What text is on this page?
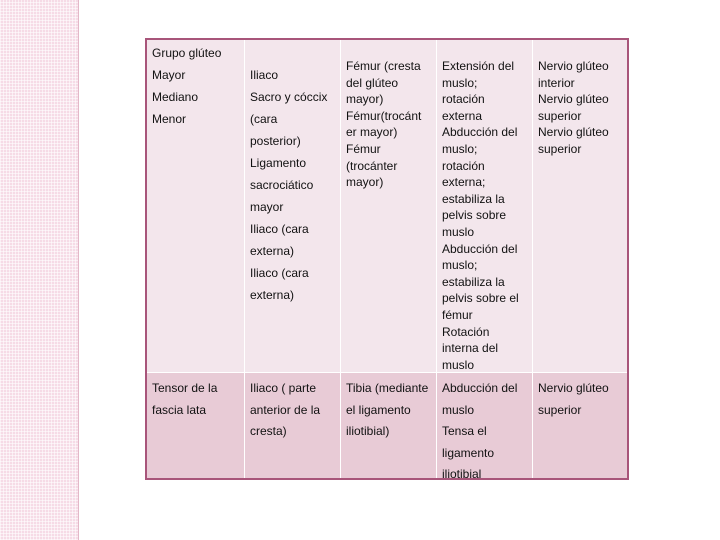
Grupo glúteo
Mayor
Mediano
Menor
Iliaco
Sacro y cóccix
(cara
posterior)
Ligamento
sacrociático
mayor
Iliaco (cara
externa)
Iliaco (cara
externa)
Fémur (cresta
del glúteo
mayor)
Fémur(trocánt
er mayor)
Fémur
(trocánter
mayor)
Extensión del
muslo;
rotación
externa
Abducción del
muslo;
rotación
externa;
estabiliza la
pelvis sobre
muslo
Abducción del
muslo;
estabiliza la
pelvis sobre el
fémur
Rotación
interna del
muslo
Nervio glúteo
interior
Nervio glúteo
superior
Nervio glúteo
superior
Tensor de la
fascia lata
Iliaco ( parte
anterior de la
cresta)
Tibia (mediante
el ligamento
iliotibial)
Abducción del
muslo
Tensa el
ligamento
iliotibial
Nervio glúteo
superior
